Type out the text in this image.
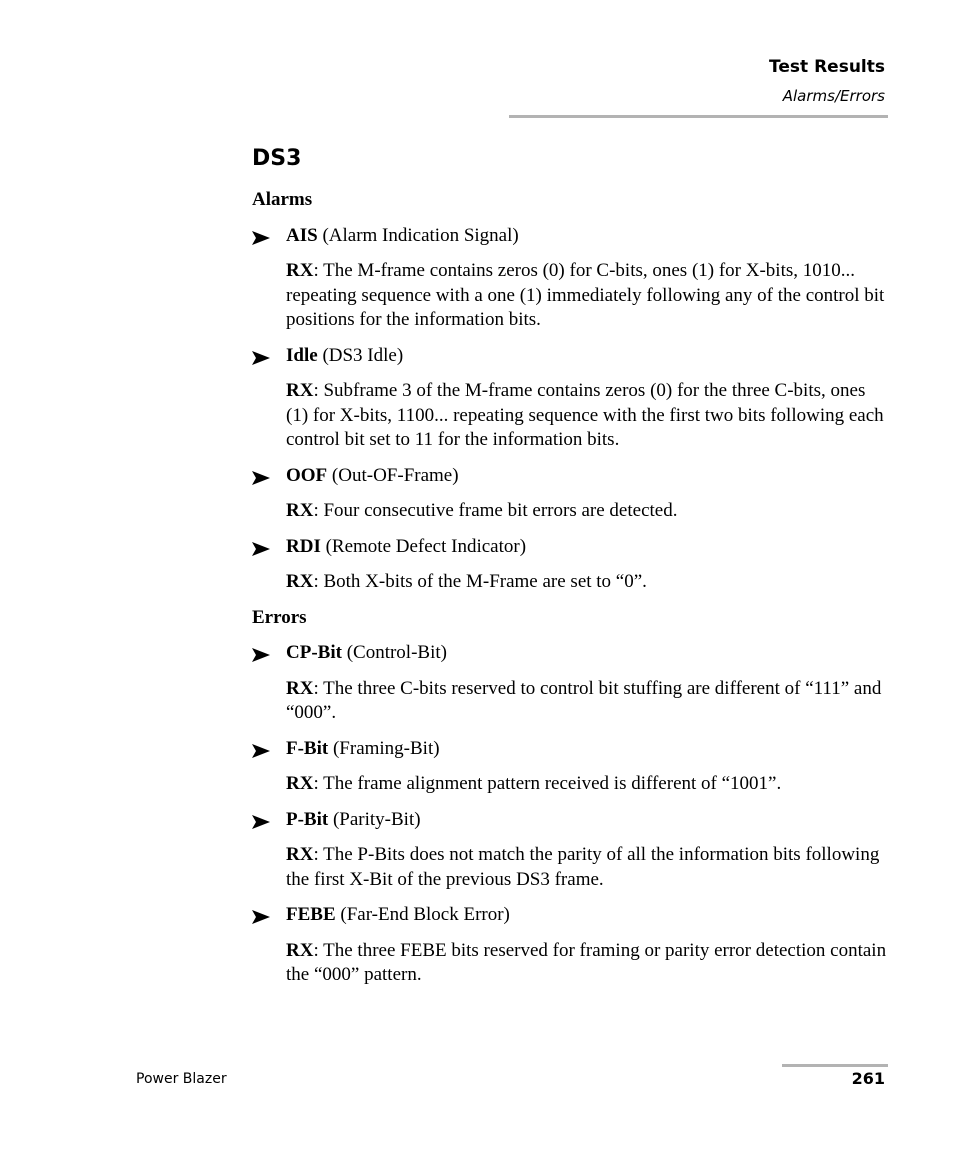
Test Results
Alarms/Errors
DS3
Alarms
AIS (Alarm Indication Signal)
RX: The M-frame contains zeros (0) for C-bits, ones (1) for X-bits, 1010... repeating sequence with a one (1) immediately following any of the control bit positions for the information bits.
Idle (DS3 Idle)
RX: Subframe 3 of the M-frame contains zeros (0) for the three C-bits, ones (1) for X-bits, 1100... repeating sequence with the first two bits following each control bit set to 11 for the information bits.
OOF (Out-OF-Frame)
RX: Four consecutive frame bit errors are detected.
RDI (Remote Defect Indicator)
RX: Both X-bits of the M-Frame are set to “0”.
Errors
CP-Bit (Control-Bit)
RX: The three C-bits reserved to control bit stuffing are different of “111” and “000”.
F-Bit (Framing-Bit)
RX: The frame alignment pattern received is different of “1001”.
P-Bit (Parity-Bit)
RX: The P-Bits does not match the parity of all the information bits following the first X-Bit of the previous DS3 frame.
FEBE (Far-End Block Error)
RX: The three FEBE bits reserved for framing or parity error detection contain the “000” pattern.
Power Blazer	261
